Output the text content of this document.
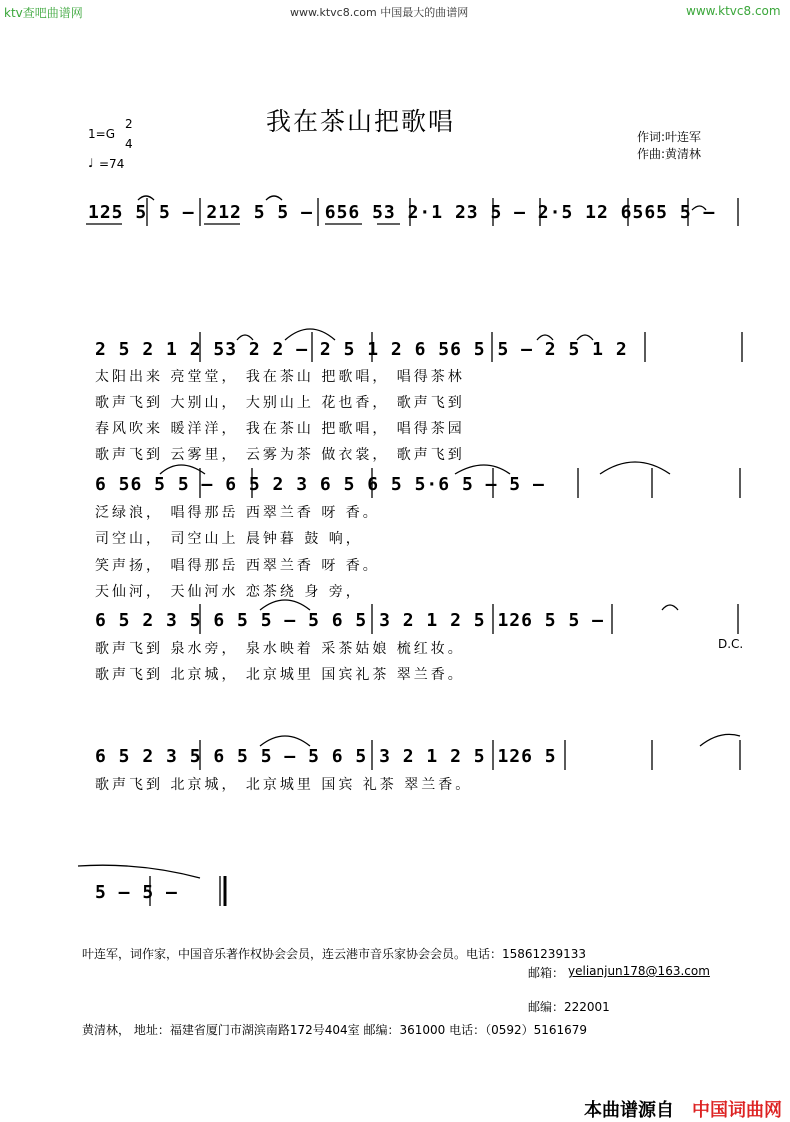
ktv查吧曲谱网	www.ktvc8.com 中国最大的曲谱网	www.ktvc8.com
我在茶山把歌唱
1=G
2
4
♩ =74
作词:叶连军
作曲:黄清林
125 5 5 – 212 5 5 – 656 53 2·1 23 5 – 2·5 12 6565 5 –
2 5 2 1 2 53 2 2 – 2 5 1 2 6 56 5 5 – 2 5 1 2
太阳出来 亮堂堂， 我在茶山 把歌唱， 唱得茶林
歌声飞到 大别山， 大别山上 花也香， 歌声飞到
春风吹来 暖洋洋， 我在茶山 把歌唱， 唱得茶园
歌声飞到 云雾里， 云雾为茶 做衣裳， 歌声飞到
6 56 5 5 – 6 5 2 3 6 5 6 5 5·6 5 – 5 –
泛绿浪， 唱得那岳 西翠兰香 呀 香。
司空山， 司空山上 晨钟暮 鼓 响，
笑声扬， 唱得那岳 西翠兰香 呀 香。
天仙河， 天仙河水 恋茶绕 身 旁，
6 5 2 3 5 6 5 5 – 5 6 5 3 2 1 2 5 126 5 5 –
D.C.
歌声飞到 泉水旁， 泉水映着 采茶姑娘 梳红妆。
歌声飞到 北京城， 北京城里 国宾礼茶 翠兰香。
6 5 2 3 5 6 5 5 – 5 6 5 3 2 1 2 5 126 5
歌声飞到 北京城， 北京城里 国宾 礼茶 翠兰香。
5 – 5 –
叶连军，词作家，中国音乐著作权协会会员，连云港市音乐家协会会员。电话：15861239133
邮箱： yelianjun178@163.com
邮编：222001
黄清林， 地址：福建省厦门市湖滨南路172号404室 邮编：361000 电话：（0592）5161679
本曲谱源自 中国词曲网
